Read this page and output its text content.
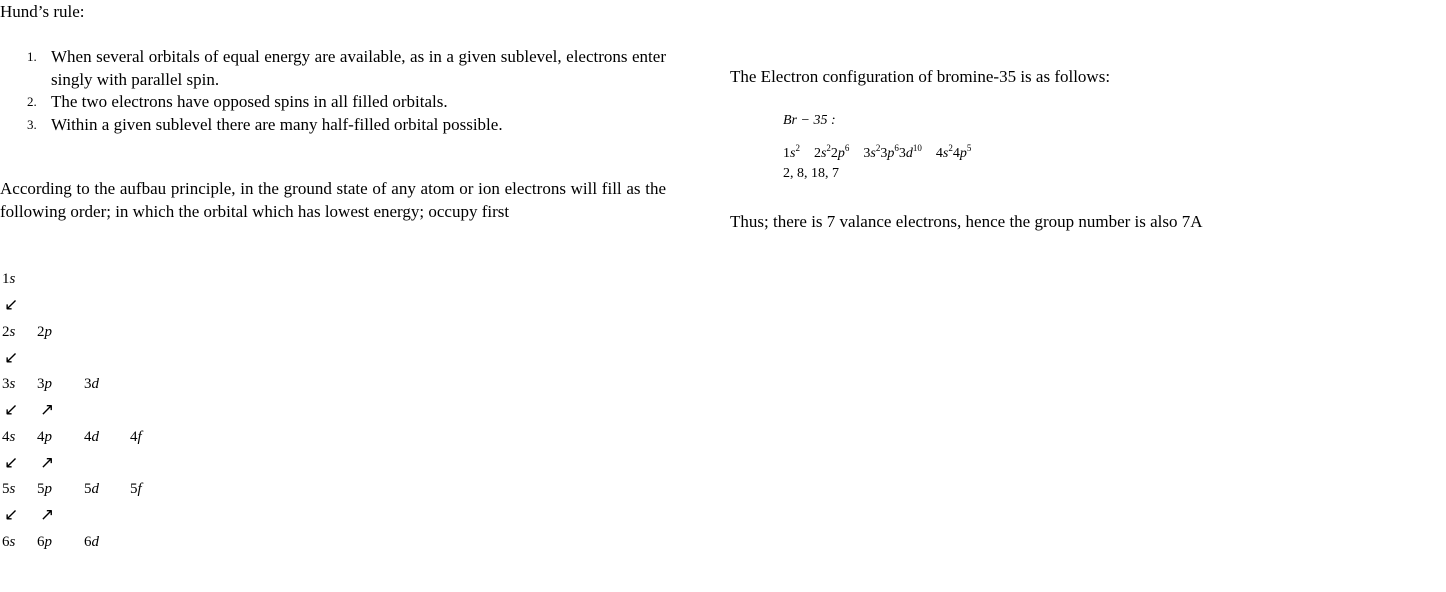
Hund’s rule:
1. When several orbitals of equal energy are available, as in a given sublevel, electrons enter singly with parallel spin.
2. The two electrons have opposed spins in all filled orbitals.
3. Within a given sublevel there are many half-filled orbital possible.
According to the aufbau principle, in the ground state of any atom or ion electrons will fill as the following order; in which the orbital which has lowest energy; occupy first
1s
2s 2p
3s 3p 3d
4s 4p 4d 4f
5s 5p 5d 5f
6s 6p 6d
↙
↙
↙ ↗
↙ ↗
↙ ↗
The Electron configuration of bromine-35 is as follows:
Br − 35 :
$1s^2$  $2s^22p^6$  $3s^23p^63d^{10}$  $4s^24p^5$
2, 8, 18, 7
Thus; there is 7 valance electrons, hence the group number is also 7A
